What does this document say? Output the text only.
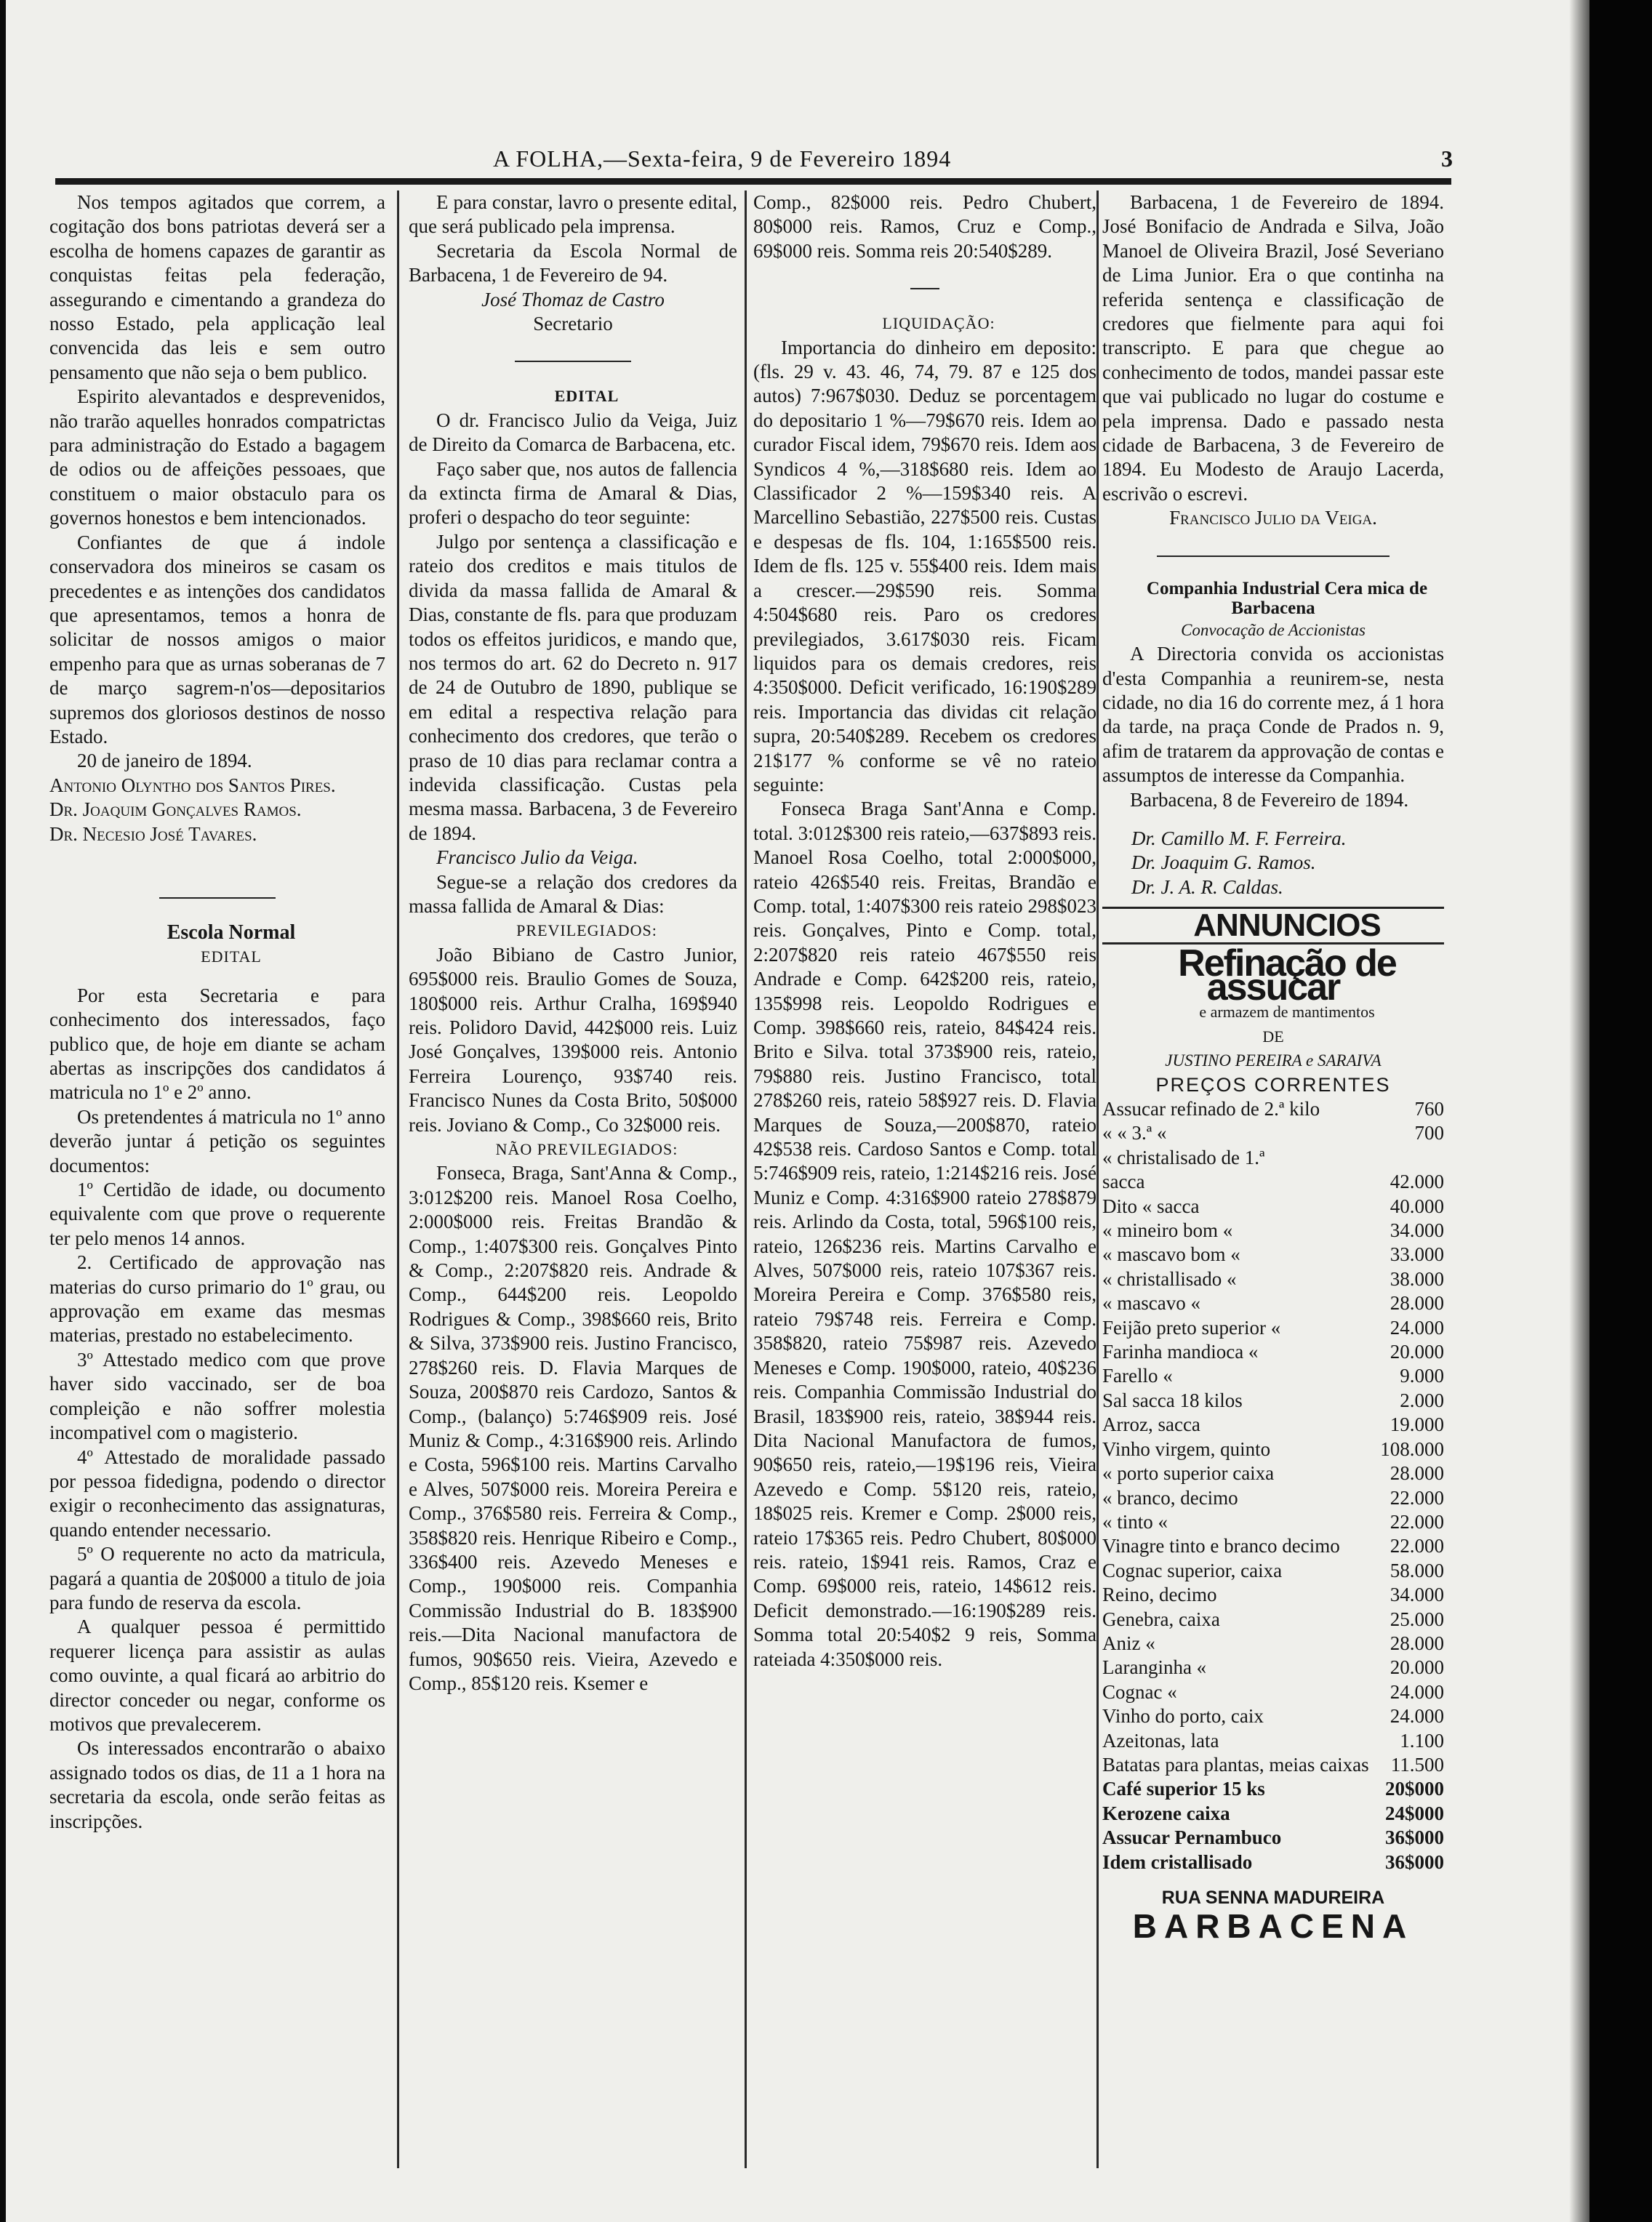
A FOLHA,—Sexta-feira, 9 de Fevereiro 1894	3

Nos tempos agitados que correm, a cogitação dos bons patriotas deverá ser a escolha de homens capazes de garantir as conquistas feitas pela federação, assegurando e cimentando a grandeza do nosso Estado, pela applicação leal convencida das leis e sem outro pensamento que não seja o bem publico.

Espirito alevantados e desprevenidos, não trarão aquelles honrados compatrictas para administração do Estado a bagagem de odios ou de affeições pessoaes, que constituem o maior obstaculo para os governos honestos e bem intencionados.

Confiantes de que á indole conservadora dos mineiros se casam os precedentes e as intenções dos candidatos que apresentamos, temos a honra de solicitar de nossos amigos o maior empenho para que as urnas soberanas de 7 de março sagrem-n'os—depositarios supremos dos gloriosos destinos de nosso Estado.

20 de janeiro de 1894.

Antonio Olyntho dos Santos Pires.

Dr. Joaquim Gonçalves Ramos.

Dr. Necesio José Tavares.

Escola Normal

EDITAL

Por esta Secretaria e para conhecimento dos interessados, faço publico que, de hoje em diante se acham abertas as inscripções dos candidatos á matricula no 1º e 2º anno.

Os pretendentes á matricula no 1º anno deverão juntar á petição os seguintes documentos:

1º Certidão de idade, ou documento equivalente com que prove o requerente ter pelo menos 14 annos.

2. Certificado de approvação nas materias do curso primario do 1º grau, ou approvação em exame das mesmas materias, prestado no estabelecimento.

3º Attestado medico com que prove haver sido vaccinado, ser de boa compleição e não soffrer molestia incompativel com o magisterio.

4º Attestado de moralidade passado por pessoa fidedigna, podendo o director exigir o reconhecimento das assignaturas, quando entender necessario.

5º O requerente no acto da matricula, pagará a quantia de 20$000 a titulo de joia para fundo de reserva da escola.

A qualquer pessoa é permittido requerer licença para assistir as aulas como ouvinte, a qual ficará ao arbitrio do director conceder ou negar, conforme os motivos que prevalecerem.

Os interessados encontrarão o abaixo assignado todos os dias, de 11 a 1 hora na secretaria da escola, onde serão feitas as inscripções.

E para constar, lavro o presente edital, que será publicado pela imprensa.

Secretaria da Escola Normal de Barbacena, 1 de Fevereiro de 94.

José Thomaz de Castro

Secretario

EDITAL

O dr. Francisco Julio da Veiga, Juiz de Direito da Comarca de Barbacena, etc.

Faço saber que, nos autos de fallencia da extincta firma de Amaral & Dias, proferi o despacho do teor seguinte:

Julgo por sentença a classificação e rateio dos creditos e mais titulos de divida da massa fallida de Amaral & Dias, constante de fls. para que produzam todos os effeitos juridicos, e mando que, nos termos do art. 62 do Decreto n. 917 de 24 de Outubro de 1890, publique se em edital a respectiva relação para conhecimento dos credores, que terão o praso de 10 dias para reclamar contra a indevida classificação. Custas pela mesma massa. Barbacena, 3 de Fevereiro de 1894.

Francisco Julio da Veiga.

Segue-se a relação dos credores da massa fallida de Amaral & Dias:

PREVILEGIADOS:

João Bibiano de Castro Junior, 695$000 reis. Braulio Gomes de Souza, 180$000 reis. Arthur Cralha, 169$940 reis. Polidoro David, 442$000 reis. Luiz José Gonçalves, 139$000 reis. Antonio Ferreira Lourenço, 93$740 reis. Francisco Nunes da Costa Brito, 50$000 reis. Joviano & Comp., Co 32$000 reis.

NÃO PREVILEGIADOS:

Fonseca, Braga, Sant'Anna & Comp., 3:012$200 reis. Manoel Rosa Coelho, 2:000$000 reis. Freitas Brandão & Comp., 1:407$300 reis. Gonçalves Pinto & Comp., 2:207$820 reis. Andrade & Comp., 644$200 reis. Leopoldo Rodrigues & Comp., 398$660 reis, Brito & Silva, 373$900 reis. Justino Francisco, 278$260 reis. D. Flavia Marques de Souza, 200$870 reis Cardozo, Santos & Comp., (balanço) 5:746$909 reis. José Muniz & Comp., 4:316$900 reis. Arlindo e Costa, 596$100 reis. Martins Carvalho e Alves, 507$000 reis. Moreira Pereira e Comp., 376$580 reis. Ferreira & Comp., 358$820 reis. Henrique Ribeiro e Comp., 336$400 reis. Azevedo Meneses e Comp., 190$000 reis. Companhia Commissão Industrial do B. 183$900 reis.—Dita Nacional manufactora de fumos, 90$650 reis. Vieira, Azevedo e Comp., 85$120 reis. Ksemer e

Comp., 82$000 reis. Pedro Chubert, 80$000 reis. Ramos, Cruz e Comp., 69$000 reis. Somma reis 20:540$289.

LIQUIDAÇÃO:

Importancia do dinheiro em deposito: (fls. 29 v. 43. 46, 74, 79. 87 e 125 dos autos) 7:967$030. Deduz se porcentagem do depositario 1 %—79$670 reis. Idem ao curador Fiscal idem, 79$670 reis. Idem aos Syndicos 4 %,—318$680 reis. Idem ao Classificador 2 %—159$340 reis. A Marcellino Sebastião, 227$500 reis. Custas e despesas de fls. 104, 1:165$500 reis. Idem de fls. 125 v. 55$400 reis. Idem mais a crescer.—29$590 reis. Somma 4:504$680 reis. Paro os credores previlegiados, 3.617$030 reis. Ficam liquidos para os demais credores, reis 4:350$000. Deficit verificado, 16:190$289 reis. Importancia das dividas cit relação supra, 20:540$289. Recebem os credores 21$177 % conforme se vê no rateio seguinte:

Fonseca Braga Sant'Anna e Comp. total. 3:012$300 reis rateio,—637$893 reis. Manoel Rosa Coelho, total 2:000$000, rateio 426$540 reis. Freitas, Brandão e Comp. total, 1:407$300 reis rateio 298$023 reis. Gonçalves, Pinto e Comp. total, 2:207$820 reis rateio 467$550 reis Andrade e Comp. 642$200 reis, rateio, 135$998 reis. Leopoldo Rodrigues e Comp. 398$660 reis, rateio, 84$424 reis. Brito e Silva. total 373$900 reis, rateio, 79$880 reis. Justino Francisco, total 278$260 reis, rateio 58$927 reis. D. Flavia Marques de Souza,—200$870, rateio 42$538 reis. Cardoso Santos e Comp. total 5:746$909 reis, rateio, 1:214$216 reis. José Muniz e Comp. 4:316$900 rateio 278$879 reis. Arlindo da Costa, total, 596$100 reis, rateio, 126$236 reis. Martins Carvalho e Alves, 507$000 reis, rateio 107$367 reis. Moreira Pereira e Comp. 376$580 reis, rateio 79$748 reis. Ferreira e Comp. 358$820, rateio 75$987 reis. Azevedo Meneses e Comp. 190$000, rateio, 40$236 reis. Companhia Commissão Industrial do Brasil, 183$900 reis, rateio, 38$944 reis. Dita Nacional Manufactora de fumos, 90$650 reis, rateio,—19$196 reis, Vieira Azevedo e Comp. 5$120 reis, rateio, 18$025 reis. Kremer e Comp. 2$000 reis, rateio 17$365 reis. Pedro Chubert, 80$000 reis. rateio, 1$941 reis. Ramos, Craz e Comp. 69$000 reis, rateio, 14$612 reis. Deficit demonstrado.—16:190$289 reis. Somma total 20:540$2 9 reis, Somma rateiada 4:350$000 reis.

Barbacena, 1 de Fevereiro de 1894. José Bonifacio de Andrada e Silva, João Manoel de Oliveira Brazil, José Severiano de Lima Junior. Era o que continha na referida sentença e classificação de credores que fielmente para aqui foi transcripto. E para que chegue ao conhecimento de todos, mandei passar este que vai publicado no lugar do costume e pela imprensa. Dado e passado nesta cidade de Barbacena, 3 de Fevereiro de 1894. Eu Modesto de Araujo Lacerda, escrivão o escrevi.

Francisco Julio da Veiga.

Companhia Industrial Cera mica de Barbacena

Convocação de Accionistas

A Directoria convida os accionistas d'esta Companhia a reunirem-se, nesta cidade, no dia 16 do corrente mez, á 1 hora da tarde, na praça Conde de Prados n. 9, afim de tratarem da approvação de contas e assumptos de interesse da Companhia.

Barbacena, 8 de Fevereiro de 1894.

Dr. Camillo M. F. Ferreira.

Dr. Joaquim G. Ramos.

Dr. J. A. R. Caldas.

ANNUNCIOS

Refinação de assucar

e armazem de mantimentos

DE

JUSTINO PEREIRA e SARAIVA

PREÇOS CORRENTES

Assucar refinado de 2.ª kilo	760
« « 3.ª «	700
« christalisado de 1.ª
sacca	42.000
Dito « sacca	40.000
« mineiro bom «	34.000
« mascavo bom «	33.000
« christallisado «	38.000
« mascavo «	28.000
Feijão preto superior «	24.000
Farinha mandioca «	20.000
Farello «	9.000
Sal sacca 18 kilos	2.000
Arroz, sacca	19.000
Vinho virgem, quinto	108.000
« porto superior caixa	28.000
« branco, decimo	22.000
« tinto «	22.000
Vinagre tinto e branco decimo	22.000
Cognac superior, caixa	58.000
Reino, decimo	34.000
Genebra, caixa	25.000
Aniz «	28.000
Laranginha «	20.000
Cognac «	24.000
Vinho do porto, caix	24.000
Azeitonas, lata	1.100
Batatas para plantas, meias caixas 11.500
Café superior 15 ks	20$000
Kerozene caixa	24$000
Assucar Pernambuco	36$000
Idem cristallisado	36$000
RUA SENNA MADUREIRA
BARBACENA
